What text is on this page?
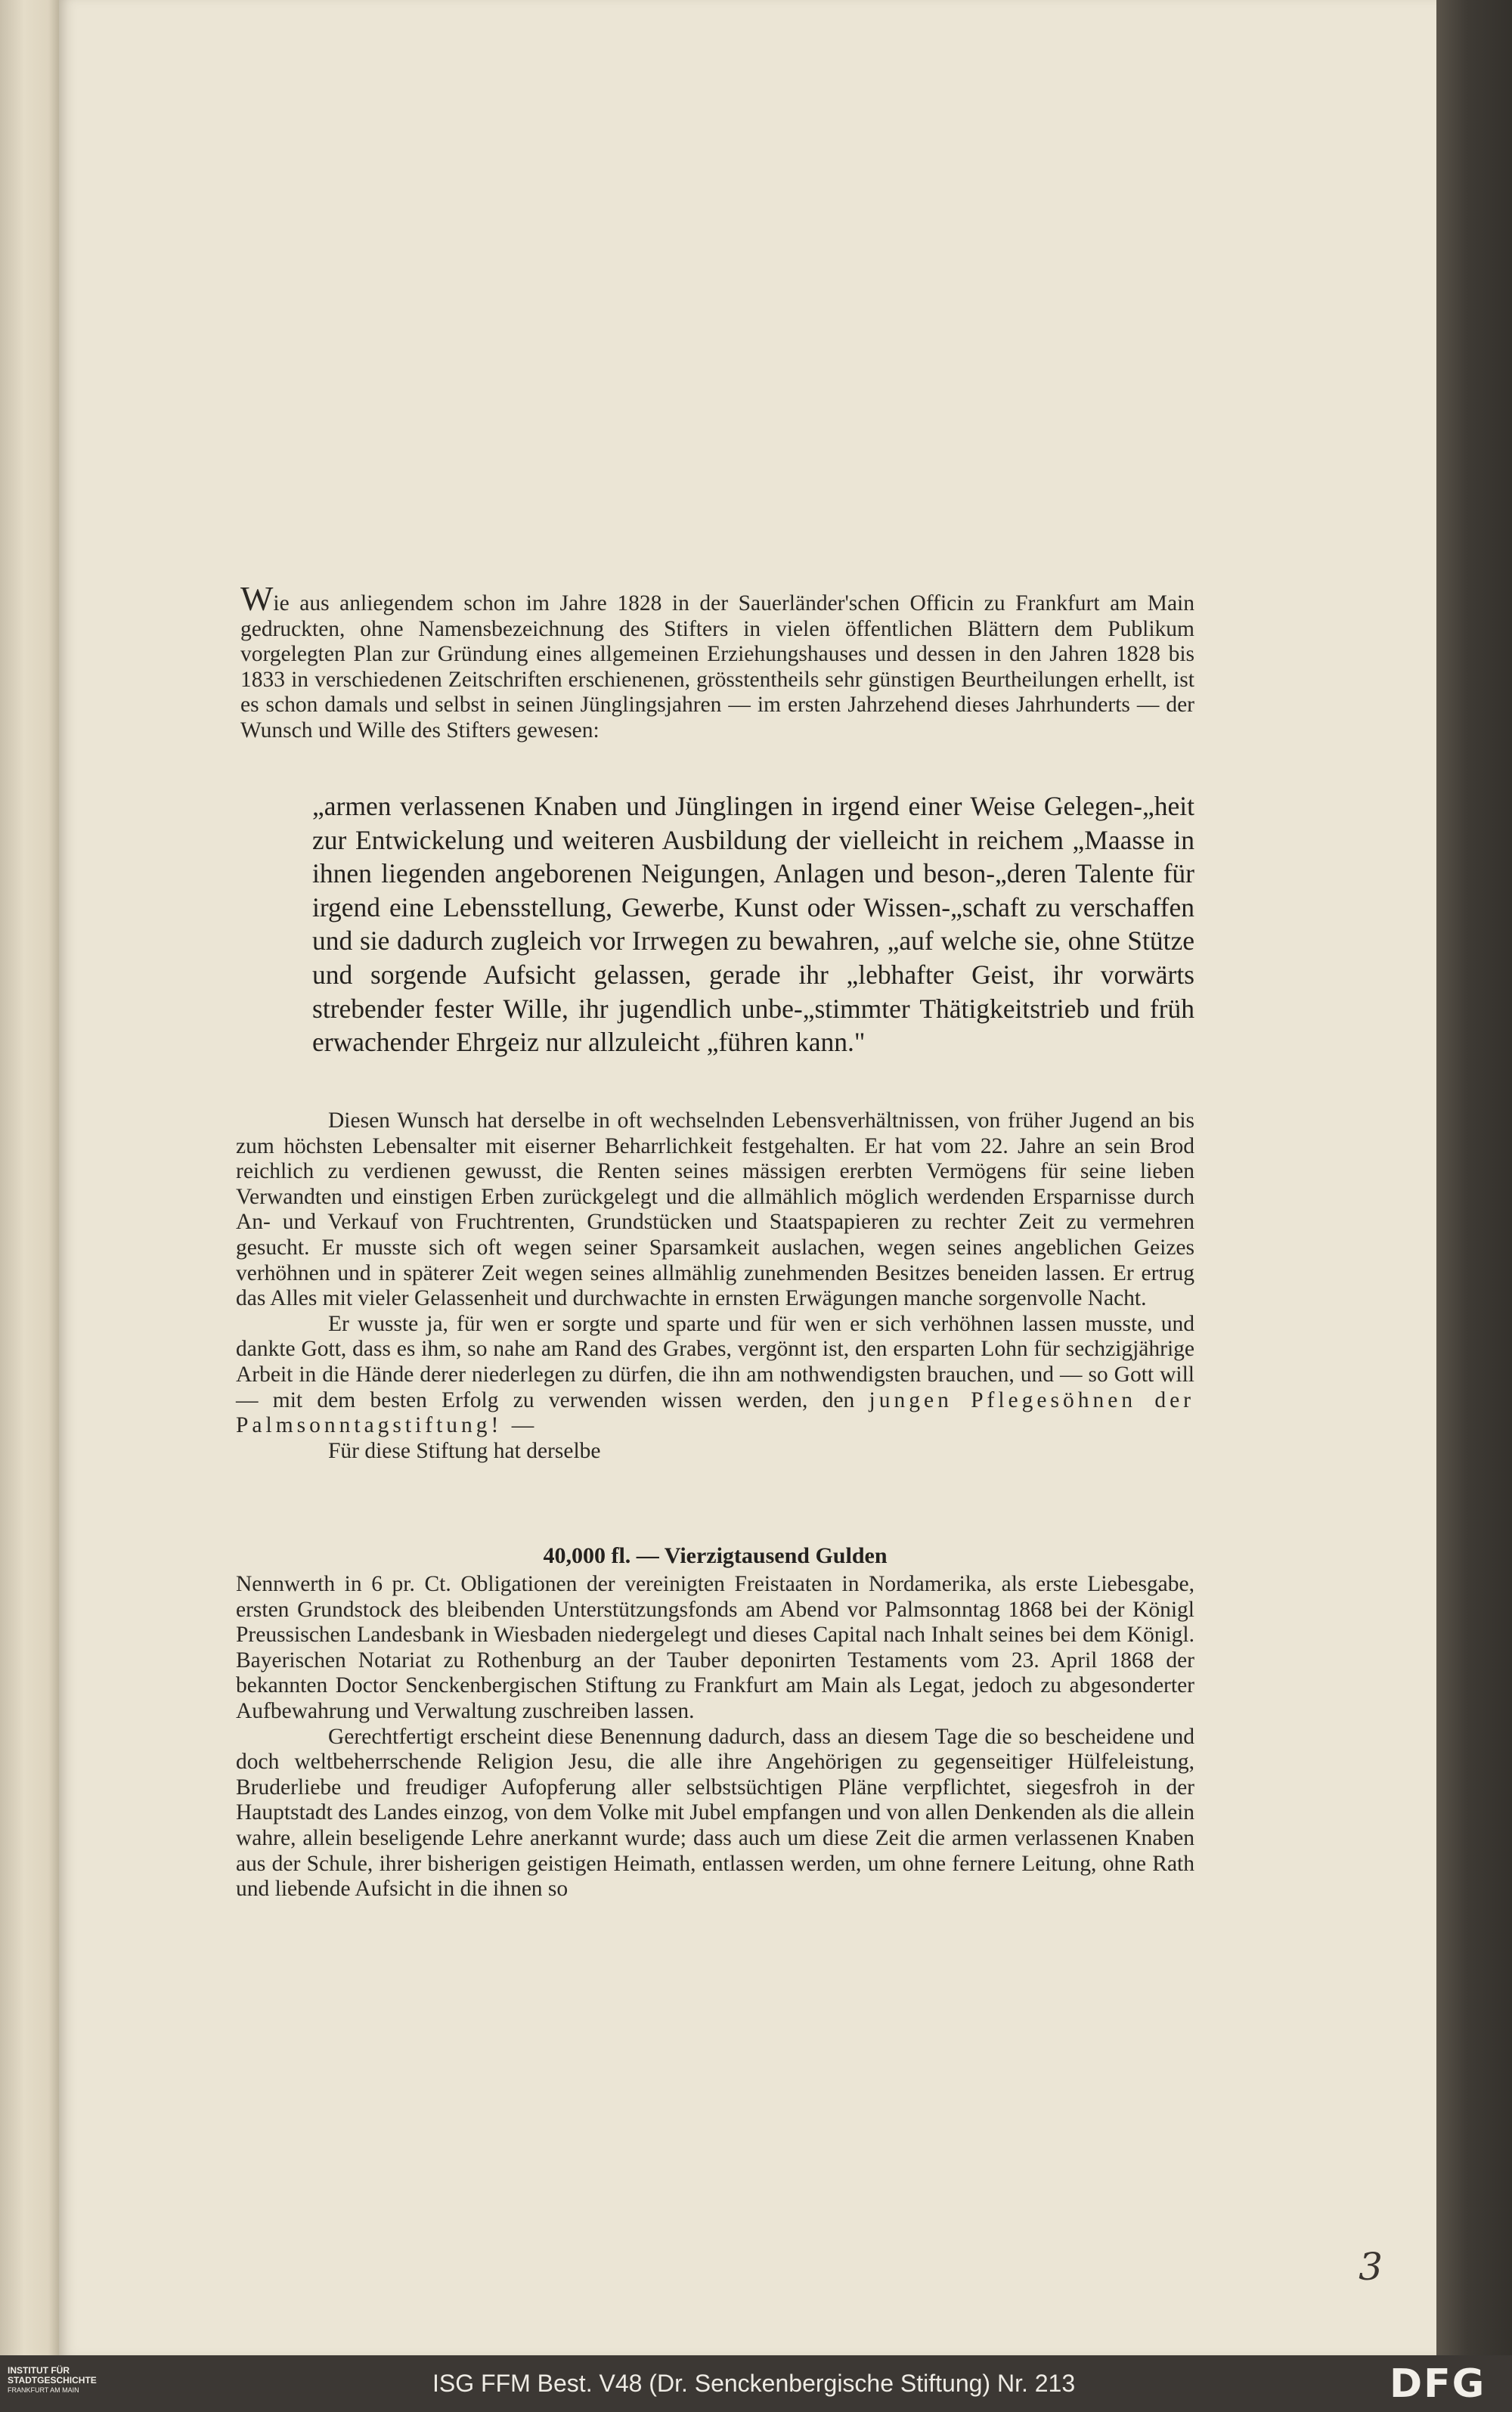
Wie aus anliegendem schon im Jahre 1828 in der Sauerländer'schen Officin zu Frankfurt am Main gedruckten, ohne Namensbezeichnung des Stifters in vielen öffentlichen Blättern dem Publikum vorgelegten Plan zur Gründung eines allgemeinen Erziehungshauses und dessen in den Jahren 1828 bis 1833 in verschiedenen Zeitschriften erschienenen, grösstentheils sehr günstigen Beurtheilungen erhellt, ist es schon damals und selbst in seinen Jünglingsjahren — im ersten Jahrzehend dieses Jahrhunderts — der Wunsch und Wille des Stifters gewesen:

„armen verlassenen Knaben und Jünglingen in irgend einer Weise Gelegen-„heit zur Entwickelung und weiteren Ausbildung der vielleicht in reichem „Maasse in ihnen liegenden angeborenen Neigungen, Anlagen und beson-„deren Talente für irgend eine Lebensstellung, Gewerbe, Kunst oder Wissen-„schaft zu verschaffen und sie dadurch zugleich vor Irrwegen zu bewahren, „auf welche sie, ohne Stütze und sorgende Aufsicht gelassen, gerade ihr „lebhafter Geist, ihr vorwärts strebender fester Wille, ihr jugendlich unbe-„stimmter Thätigkeitstrieb und früh erwachender Ehrgeiz nur allzuleicht „führen kann."

Diesen Wunsch hat derselbe in oft wechselnden Lebensverhältnissen, von früher Jugend an bis zum höchsten Lebensalter mit eiserner Beharrlichkeit festgehalten. Er hat vom 22. Jahre an sein Brod reichlich zu verdienen gewusst, die Renten seines mässigen ererbten Vermögens für seine lieben Verwandten und einstigen Erben zurückgelegt und die allmählich möglich werdenden Ersparnisse durch An- und Verkauf von Fruchtrenten, Grundstücken und Staatspapieren zu rechter Zeit zu vermehren gesucht. Er musste sich oft wegen seiner Sparsamkeit auslachen, wegen seines angeblichen Geizes verhöhnen und in späterer Zeit wegen seines allmählig zunehmenden Besitzes beneiden lassen. Er ertrug das Alles mit vieler Gelassenheit und durchwachte in ernsten Erwägungen manche sorgenvolle Nacht.

Er wusste ja, für wen er sorgte und sparte und für wen er sich verhöhnen lassen musste, und dankte Gott, dass es ihm, so nahe am Rand des Grabes, vergönnt ist, den ersparten Lohn für sechzigjährige Arbeit in die Hände derer niederlegen zu dürfen, die ihn am nothwendigsten brauchen, und — so Gott will — mit dem besten Erfolg zu verwenden wissen werden, den jungen Pflegesöhnen der Palmsonntagstiftung! —

Für diese Stiftung hat derselbe

40,000 fl. — Vierzigtausend Gulden

Nennwerth in 6 pr. Ct. Obligationen der vereinigten Freistaaten in Nordamerika, als erste Liebesgabe, ersten Grundstock des bleibenden Unterstützungsfonds am Abend vor Palmsonntag 1868 bei der Königl Preussischen Landesbank in Wiesbaden niedergelegt und dieses Capital nach Inhalt seines bei dem Königl. Bayerischen Notariat zu Rothenburg an der Tauber deponirten Testaments vom 23. April 1868 der bekannten Doctor Senckenbergischen Stiftung zu Frankfurt am Main als Legat, jedoch zu abgesonderter Aufbewahrung und Verwaltung zuschreiben lassen.

Gerechtfertigt erscheint diese Benennung dadurch, dass an diesem Tage die so bescheidene und doch weltbeherrschende Religion Jesu, die alle ihre Angehörigen zu gegenseitiger Hülfeleistung, Bruderliebe und freudiger Aufopferung aller selbstsüchtigen Pläne verpflichtet, siegesfroh in der Hauptstadt des Landes einzog, von dem Volke mit Jubel empfangen und von allen Denkenden als die allein wahre, allein beseligende Lehre anerkannt wurde; dass auch um diese Zeit die armen verlassenen Knaben aus der Schule, ihrer bisherigen geistigen Heimath, entlassen werden, um ohne fernere Leitung, ohne Rath und liebende Aufsicht in die ihnen so

3
INSTITUT FÜR
STADTGESCHICHTE
FRANKFURT AM MAIN	ISG FFM Best. V48 (Dr. Senckenbergische Stiftung) Nr. 213	DFG
